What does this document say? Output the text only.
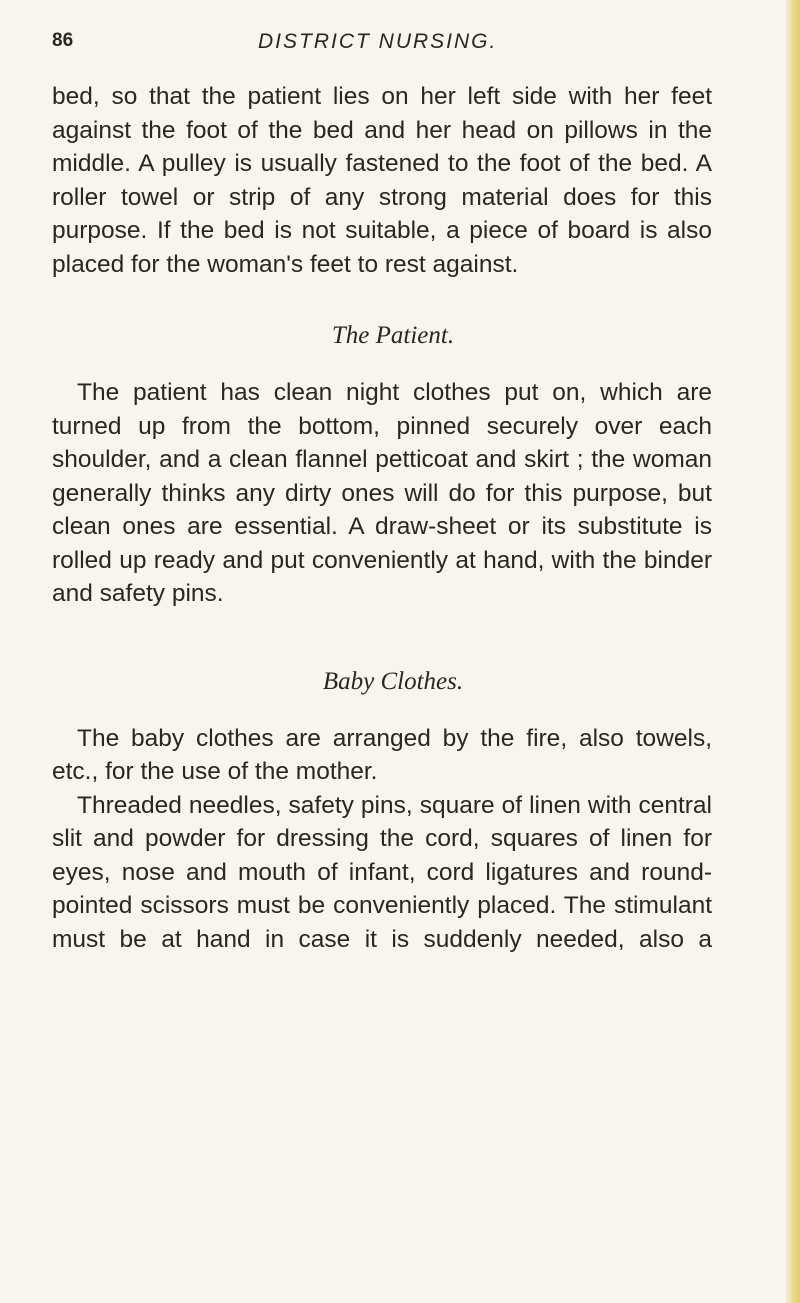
86	DISTRICT NURSING.

bed, so that the patient lies on her left side with her feet against the foot of the bed and her head on pillows in the middle. A pulley is usually fastened to the foot of the bed. A roller towel or strip of any strong material does for this purpose. If the bed is not suitable, a piece of board is also placed for the woman's feet to rest against.

The Patient.

The patient has clean night clothes put on, which are turned up from the bottom, pinned securely over each shoulder, and a clean flannel petticoat and skirt ; the woman generally thinks any dirty ones will do for this purpose, but clean ones are essential. A draw-sheet or its substitute is rolled up ready and put conveniently at hand, with the binder and safety pins.

Baby Clothes.

The baby clothes are arranged by the fire, also towels, etc., for the use of the mother.

Threaded needles, safety pins, square of linen with central slit and powder for dressing the cord, squares of linen for eyes, nose and mouth of infant, cord ligatures and round-pointed scissors must be conveniently placed. The stimulant must be at hand in case it is suddenly needed, also a
